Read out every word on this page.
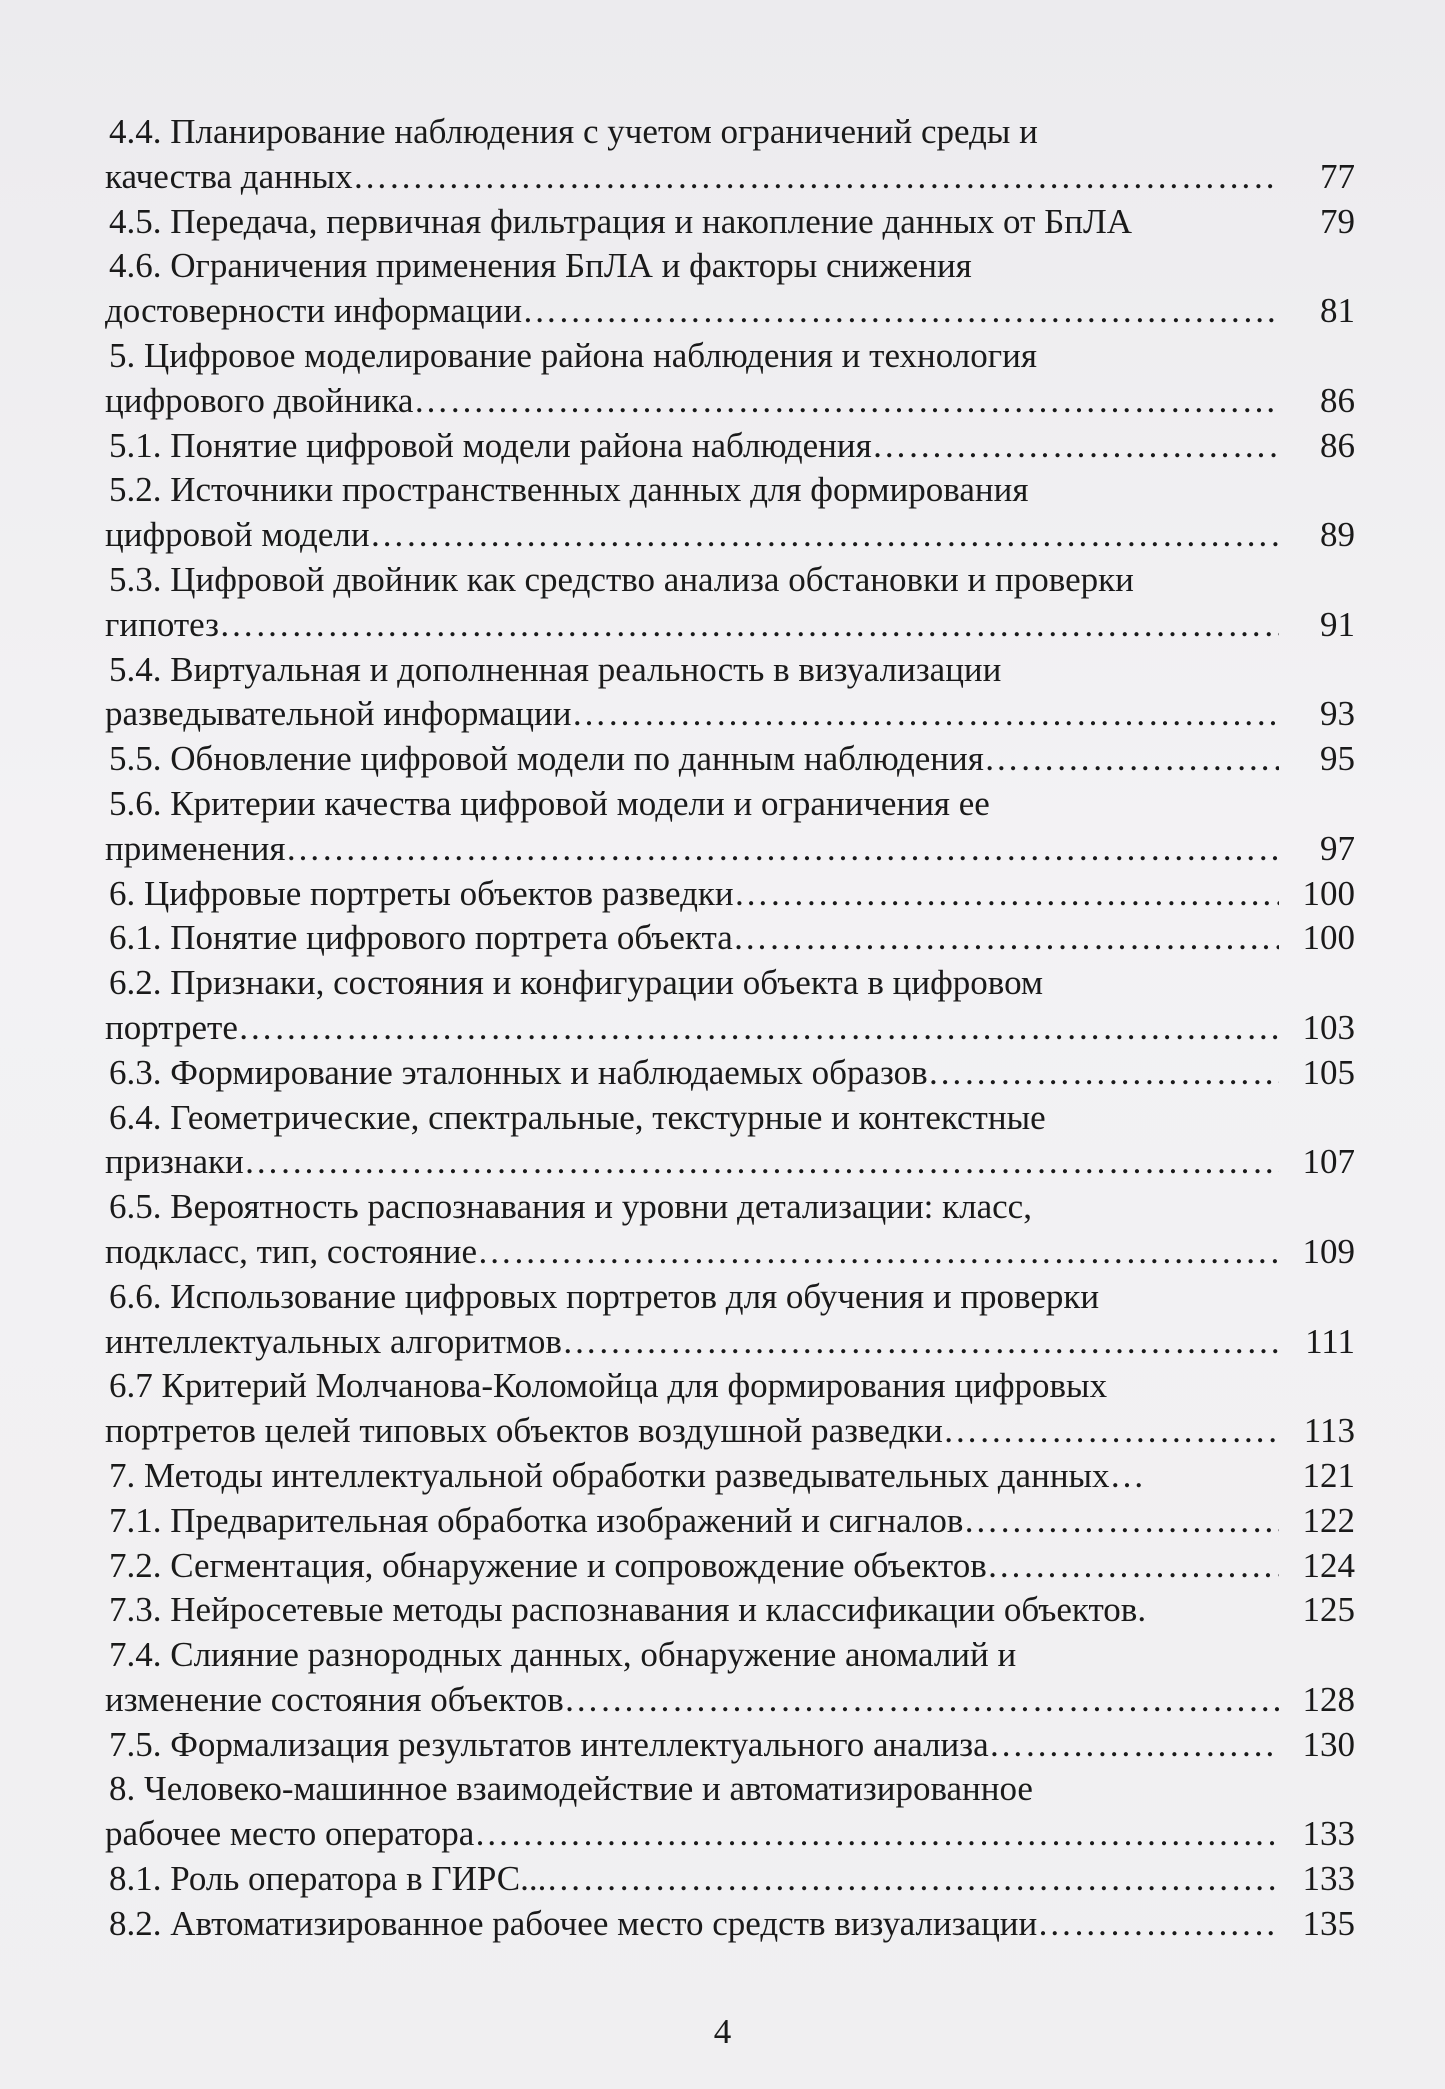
4.4. Планирование наблюдения с учетом ограничений среды и
качества данных ……………………………………………………………………………………………………………………………………………………………………………………………………………………	77
4.5. Передача, первичная фильтрация и накопление данных от БпЛА	79
4.6. Ограничения применения БпЛА и факторы снижения
достоверности информации ……………………………………………………………………………………………………………………………………………………………………………………………………………………	81
5. Цифровое моделирование района наблюдения и технология
цифрового двойника ……………………………………………………………………………………………………………………………………………………………………………………………………………………	86
5.1. Понятие цифровой модели района наблюдения ……………………………………………………………………………………………………………………………………………………………………………………………………………………	86
5.2. Источники пространственных данных для формирования
цифровой модели ……………………………………………………………………………………………………………………………………………………………………………………………………………………	89
5.3. Цифровой двойник как средство анализа обстановки и проверки
гипотез ……………………………………………………………………………………………………………………………………………………………………………………………………………………	91
5.4. Виртуальная и дополненная реальность в визуализации
разведывательной информации ……………………………………………………………………………………………………………………………………………………………………………………………………………………	93
5.5. Обновление цифровой модели по данным наблюдения ……………………………………………………………………………………………………………………………………………………………………………………………………………………	95
5.6. Критерии качества цифровой модели и ограничения ее
применения ……………………………………………………………………………………………………………………………………………………………………………………………………………………	97
6. Цифровые портреты объектов разведки ……………………………………………………………………………………………………………………………………………………………………………………………………………………	100
6.1. Понятие цифрового портрета объекта ……………………………………………………………………………………………………………………………………………………………………………………………………………………	100
6.2. Признаки, состояния и конфигурации объекта в цифровом
портрете ……………………………………………………………………………………………………………………………………………………………………………………………………………………	103
6.3. Формирование эталонных и наблюдаемых образов ……………………………………………………………………………………………………………………………………………………………………………………………………………………	105
6.4. Геометрические, спектральные, текстурные и контекстные
признаки ……………………………………………………………………………………………………………………………………………………………………………………………………………………	107
6.5. Вероятность распознавания и уровни детализации: класс,
подкласс, тип, состояние ……………………………………………………………………………………………………………………………………………………………………………………………………………………	109
6.6. Использование цифровых портретов для обучения и проверки
интеллектуальных алгоритмов ……………………………………………………………………………………………………………………………………………………………………………………………………………………	111
6.7 Критерий Молчанова-Коломойца для формирования цифровых
портретов целей типовых объектов воздушной разведки ……………………………………………………………………………………………………………………………………………………………………………………………………………………	113
7. Методы интеллектуальной обработки разведывательных данных…	121
7.1. Предварительная обработка изображений и сигналов ……………………………………………………………………………………………………………………………………………………………………………………………………………………	122
7.2. Сегментация, обнаружение и сопровождение объектов ……………………………………………………………………………………………………………………………………………………………………………………………………………………	124
7.3. Нейросетевые методы распознавания и классификации объектов.	125
7.4. Слияние разнородных данных, обнаружение аномалий и
изменение состояния объектов ……………………………………………………………………………………………………………………………………………………………………………………………………………………	128
7.5. Формализация результатов интеллектуального анализа ……………………………………………………………………………………………………………………………………………………………………………………………………………………	130
8. Человеко-машинное взаимодействие и автоматизированное
рабочее место оператора ……………………………………………………………………………………………………………………………………………………………………………………………………………………	133
8.1. Роль оператора в ГИРС... ……………………………………………………………………………………………………………………………………………………………………………………………………………………	133
8.2. Автоматизированное рабочее место средств визуализации ……………………………………………………………………………………………………………………………………………………………………………………………………………………	135
4
